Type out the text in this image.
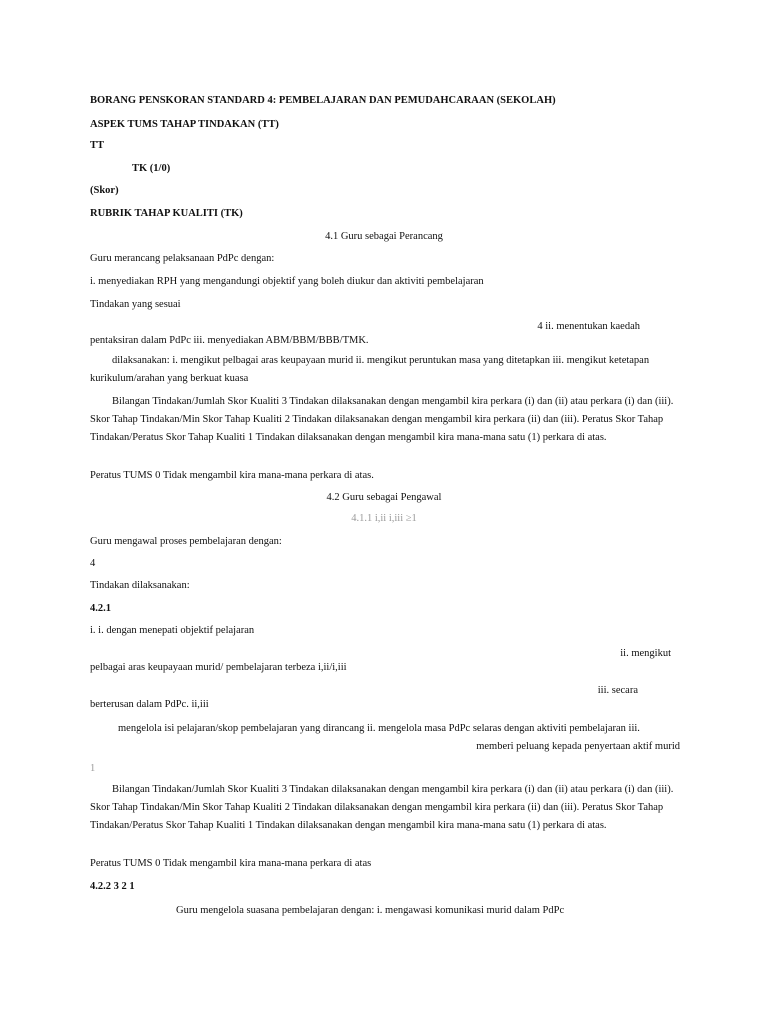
BORANG PENSKORAN STANDARD 4: PEMBELAJARAN DAN PEMUDAHCARAAN (SEKOLAH)

ASPEK TUMS TAHAP TINDAKAN (TT)

TT

TK (1/0)

(Skor)

RUBRIK TAHAP KUALITI (TK)

4.1 Guru sebagai Perancang

Guru merancang pelaksanaan PdPc dengan:

i. menyediakan RPH yang mengandungi objektif yang boleh diukur dan aktiviti pembelajaran

Tindakan yang sesuai

4 ii. menentukan kaedah

pentaksiran dalam PdPc iii. menyediakan ABM/BBM/BBB/TMK.

dilaksanakan: i. mengikut pelbagai aras keupayaan murid ii. mengikut peruntukan masa yang ditetapkan iii. mengikut ketetapan kurikulum/arahan yang berkuat kuasa

Bilangan Tindakan/Jumlah Skor Kualiti 3 Tindakan dilaksanakan dengan mengambil kira perkara (i) dan (ii) atau perkara (i) dan (iii). Skor Tahap Tindakan/Min Skor Tahap Kualiti 2 Tindakan dilaksanakan dengan mengambil kira perkara (ii) dan (iii). Peratus Skor Tahap Tindakan/Peratus Skor Tahap Kualiti 1 Tindakan dilaksanakan dengan mengambil kira mana-mana satu (1) perkara di atas.

Peratus TUMS 0 Tidak mengambil kira mana-mana perkara di atas.

4.2 Guru sebagai Pengawal

4.1.1 i,ii i,iii ≥1

Guru mengawal proses pembelajaran dengan:

4

Tindakan dilaksanakan:

4.2.1

i. i. dengan menepati objektif pelajaran

ii. mengikut

pelbagai aras keupayaan murid/ pembelajaran terbeza i,ii/i,iii

iii. secara

berterusan dalam PdPc. ii,iii

mengelola isi pelajaran/skop pembelajaran yang dirancang ii. mengelola masa PdPc selaras dengan aktiviti pembelajaran iii.

memberi peluang kepada penyertaan aktif murid

1

Bilangan Tindakan/Jumlah Skor Kualiti 3 Tindakan dilaksanakan dengan mengambil kira perkara (i) dan (ii) atau perkara (i) dan (iii). Skor Tahap Tindakan/Min Skor Tahap Kualiti 2 Tindakan dilaksanakan dengan mengambil kira perkara (ii) dan (iii). Peratus Skor Tahap Tindakan/Peratus Skor Tahap Kualiti 1 Tindakan dilaksanakan dengan mengambil kira mana-mana satu (1) perkara di atas.

Peratus TUMS 0 Tidak mengambil kira mana-mana perkara di atas

4.2.2 3 2 1

Guru mengelola suasana pembelajaran dengan: i. mengawasi komunikasi murid dalam PdPc
